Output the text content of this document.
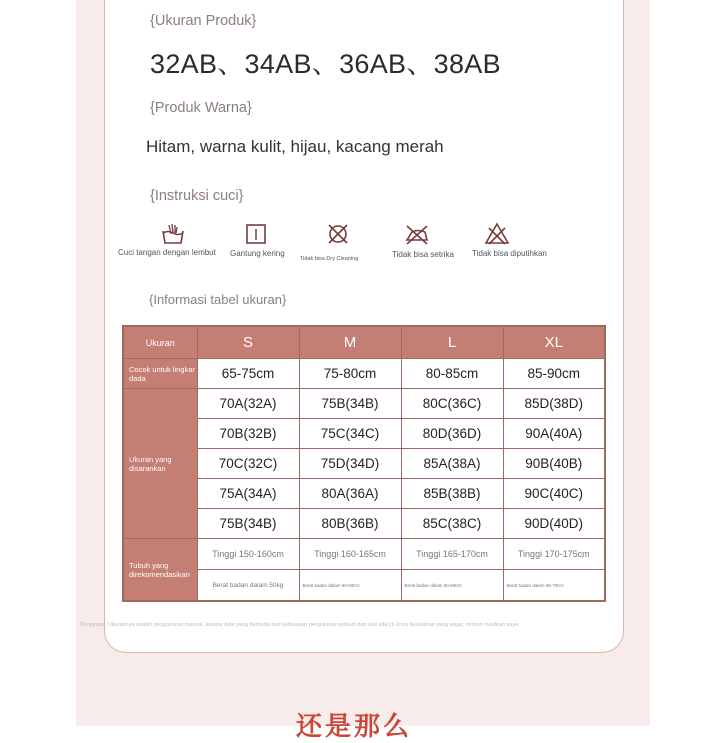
{Ukuran Produk}
32AB、34AB、36AB、38AB
{Produk Warna}
Hitam, warna kulit, hijau, kacang merah
{Instruksi cuci}
Cuci tangan dengan lembut Gantung kering
Tidak bisa Dry Cleaning	Tidak bisa setrika Tidak bisa diputihkan
{Informasi tabel ukuran}
Ukuran	S	M	L	XL
Cocok untuk lingkar dada	65-75cm	75-80cm	80-85cm	85-90cm
Ukuran yang disarankan	70A(32A)	75B(34B)	80C(36C)	85D(38D)
	70B(32B)	75C(34C)	80D(36D)	90A(40A)
	70C(32C)	75D(34D)	85A(38A)	90B(40B)
	75A(34A)	80A(36A)	85B(38B)	90C(40C)
	75B(34B)	80B(36B)	85C(38C)	90D(40D)
Tubuh yang direkomendasikan	Tinggi 150-160cm	Tinggi 160-165cm	Tinggi 165-170cm	Tinggi 170-175cm
	Berat badan dalam 50kg	Berat badan dalam 50-60KG	Berat badan dalam 60-65KG	Berat badan dalam 65-70KG
Pengingat: Ukurannya adalah pengukuran manual, karena data yang berbeda dan kebiasaan pengukuran pribadi dan alat ada (1-2cm) kesalahan yang wajar, mohon maafkan saya
还是那么
